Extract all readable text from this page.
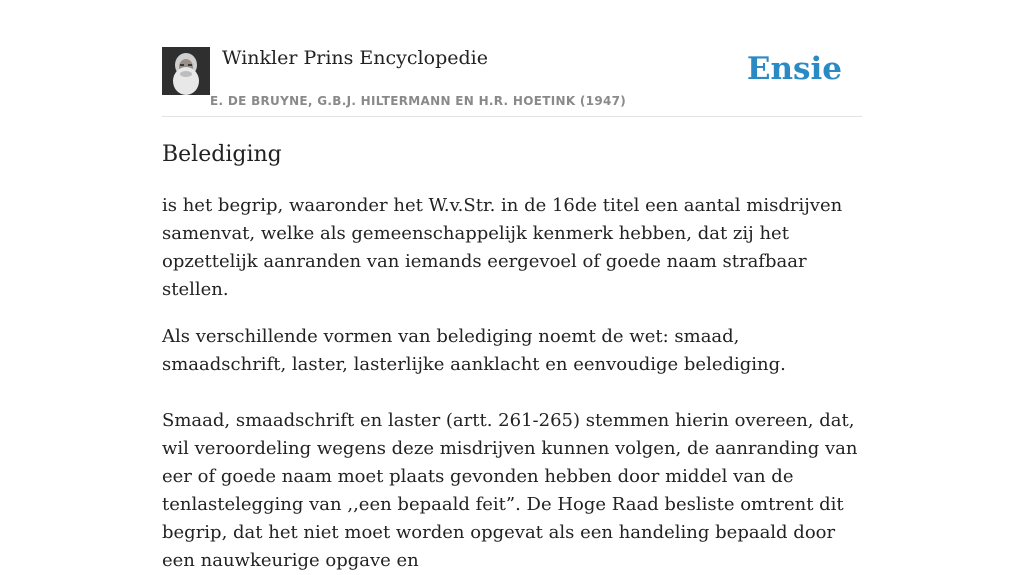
Winkler Prins Encyclopedie
E. DE BRUYNE, G.B.J. HILTERMANN EN H.R. HOETINK (1947)
Ensie
Belediging

is het begrip, waaronder het W.v.Str. in de 16de titel een aantal misdrijven samenvat, welke als gemeenschappelijk kenmerk hebben, dat zij het opzettelijk aanranden van iemands eergevoel of goede naam strafbaar stellen.

Als verschillende vormen van belediging noemt de wet: smaad, smaadschrift, laster, lasterlijke aanklacht en eenvoudige belediging.

Smaad, smaadschrift en laster (artt. 261-265) stemmen hierin overeen, dat, wil veroordeling wegens deze misdrijven kunnen volgen, de aanranding van eer of goede naam moet plaats gevonden hebben door middel van de tenlastelegging van ,,een bepaald feit”. De Hoge Raad besliste omtrent dit begrip, dat het niet moet worden opgevat als een handeling bepaald door een nauwkeurige opgave en
